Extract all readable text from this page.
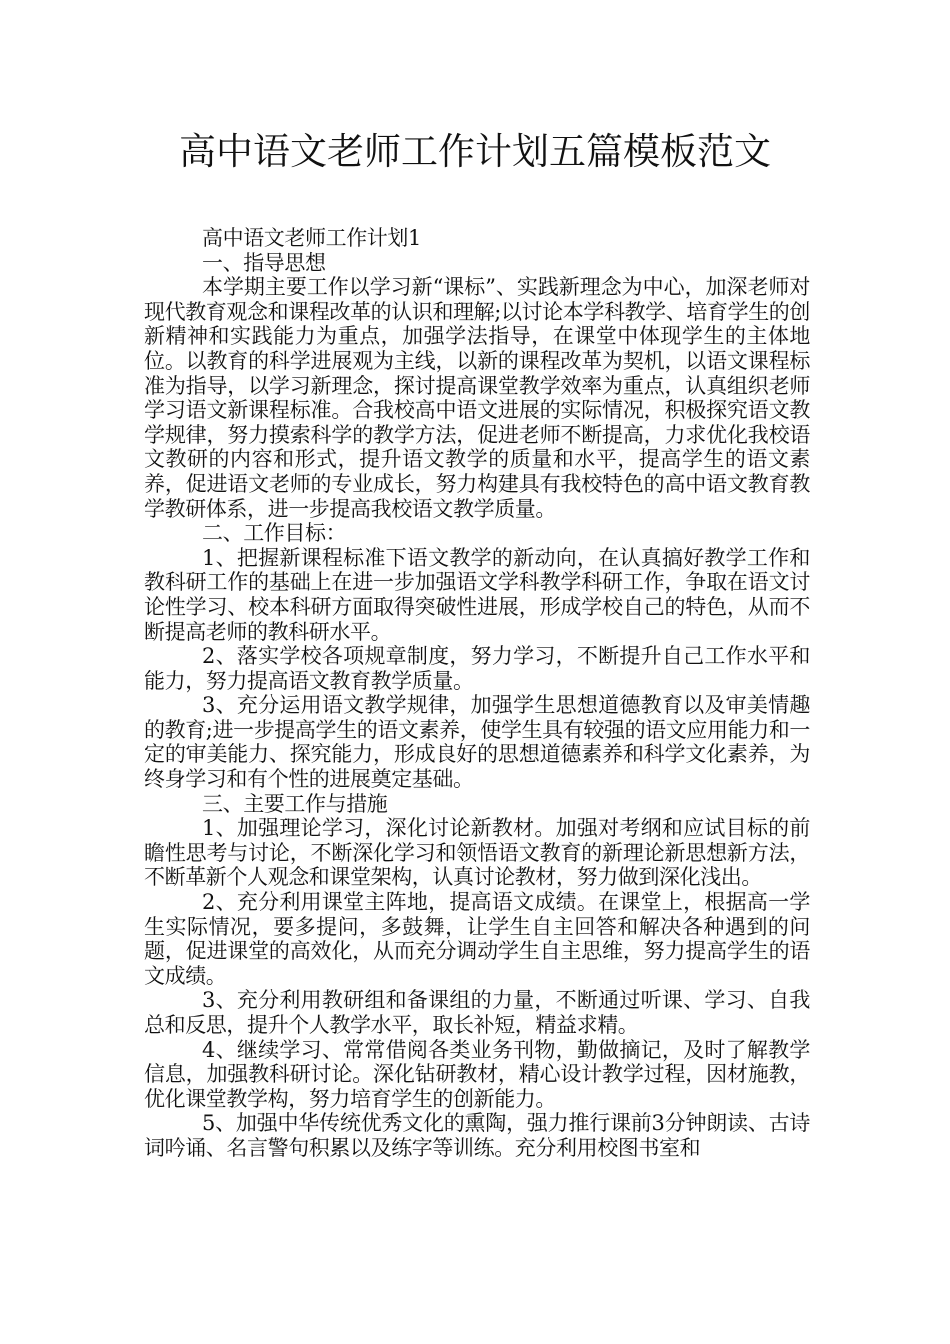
高中语文老师工作计划五篇模板范文

高中语文老师工作计划1

一、指导思想

本学期主要工作以学习新“课标”、实践新理念为中心，加深老师对现代教育观念和课程改革的认识和理解;以讨论本学科教学、培育学生的创新精神和实践能力为重点，加强学法指导，在课堂中体现学生的主体地位。以教育的科学进展观为主线，以新的课程改革为契机，以语文课程标准为指导，以学习新理念，探讨提高课堂教学效率为重点，认真组织老师学习语文新课程标准。合我校高中语文进展的实际情况，积极探究语文教学规律，努力摸索科学的教学方法，促进老师不断提高，力求优化我校语文教研的内容和形式，提升语文教学的质量和水平，提高学生的语文素养，促进语文老师的专业成长，努力构建具有我校特色的高中语文教育教学教研体系，进一步提高我校语文教学质量。

二、工作目标：

1、把握新课程标准下语文教学的新动向，在认真搞好教学工作和教科研工作的基础上在进一步加强语文学科教学科研工作，争取在语文讨论性学习、校本科研方面取得突破性进展，形成学校自己的特色，从而不断提高老师的教科研水平。

2、落实学校各项规章制度，努力学习，不断提升自己工作水平和能力，努力提高语文教育教学质量。

3、充分运用语文教学规律，加强学生思想道德教育以及审美情趣的教育;进一步提高学生的语文素养，使学生具有较强的语文应用能力和一定的审美能力、探究能力，形成良好的思想道德素养和科学文化素养，为终身学习和有个性的进展奠定基础。

三、主要工作与措施

1、加强理论学习，深化讨论新教材。加强对考纲和应试目标的前瞻性思考与讨论，不断深化学习和领悟语文教育的新理论新思想新方法，不断革新个人观念和课堂架构，认真讨论教材，努力做到深化浅出。

2、充分利用课堂主阵地，提高语文成绩。在课堂上，根据高一学生实际情况，要多提问，多鼓舞，让学生自主回答和解决各种遇到的问题，促进课堂的高效化，从而充分调动学生自主思维，努力提高学生的语文成绩。

3、充分利用教研组和备课组的力量，不断通过听课、学习、自我总和反思，提升个人教学水平，取长补短，精益求精。

4、继续学习、常常借阅各类业务刊物，勤做摘记，及时了解教学信息，加强教科研讨论。深化钻研教材，精心设计教学过程，因材施教，优化课堂教学构，努力培育学生的创新能力。

5、加强中华传统优秀文化的熏陶，强力推行课前3分钟朗读、古诗词吟诵、名言警句积累以及练字等训练。充分利用校图书室和
